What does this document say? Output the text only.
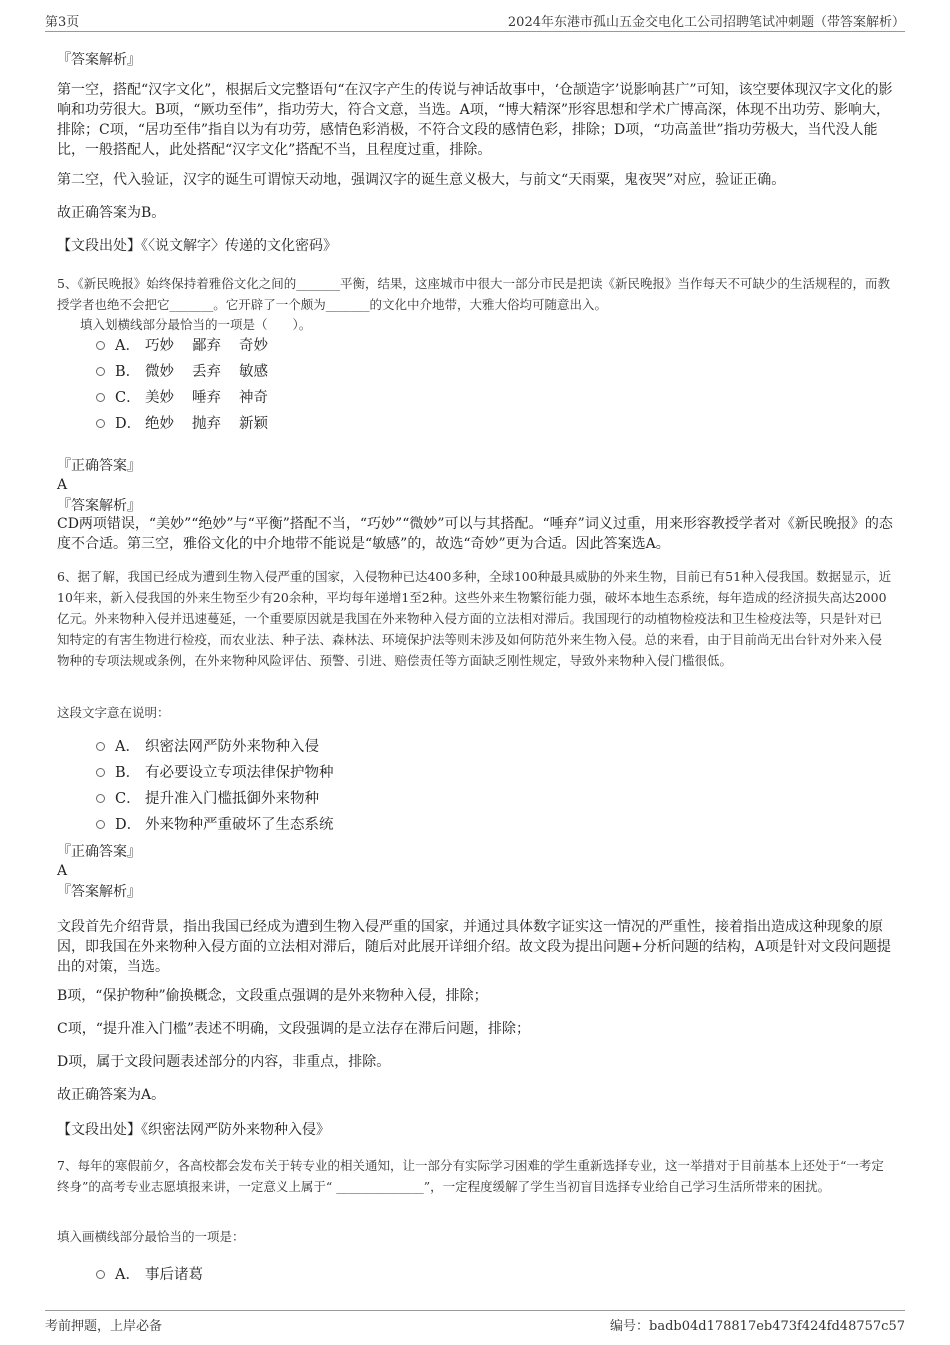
第3页	2024年东港市孤山五金交电化工公司招聘笔试冲刺题（带答案解析）
『答案解析』

第一空，搭配“汉字文化”，根据后文完整语句“在汉字产生的传说与神话故事中，‘仓颉造字’说影响甚广”可知，该空要体现汉字文化的影响和功劳很大。B项，“厥功至伟”，指功劳大，符合文意，当选。A项，“博大精深”形容思想和学术广博高深，体现不出功劳、影响大，排除；C项，“居功至伟”指自以为有功劳，感情色彩消极，不符合文段的感情色彩，排除；D项，“功高盖世”指功劳极大，当代没人能比，一般搭配人，此处搭配“汉字文化”搭配不当，且程度过重，排除。

第二空，代入验证，汉字的诞生可谓惊天动地，强调汉字的诞生意义极大，与前文“天雨粟，鬼夜哭”对应，验证正确。

故正确答案为B。

【文段出处】《〈说文解字〉传递的文化密码》

5、《新民晚报》始终保持着雅俗文化之间的_______平衡，结果，这座城市中很大一部分市民是把读《新民晚报》当作每天不可缺少的生活规程的，而教授学者也绝不会把它_______。它开辟了一个颇为_______的文化中介地带，大雅大俗均可随意出入。

填入划横线部分最恰当的一项是（　　）。

A． 巧妙 鄙弃 奇妙
B． 微妙 丢弃 敏感
C． 美妙 唾弃 神奇
D． 绝妙 抛弃 新颖
『正确答案』
A
『答案解析』

CD两项错误，“美妙”“绝妙”与“平衡”搭配不当，“巧妙”“微妙”可以与其搭配。“唾弃”词义过重，用来形容教授学者对《新民晚报》的态度不合适。第三空，雅俗文化的中介地带不能说是“敏感”的，故选“奇妙”更为合适。因此答案选A。

6、据了解，我国已经成为遭到生物入侵严重的国家，入侵物种已达400多种，全球100种最具威胁的外来生物，目前已有51种入侵我国。数据显示，近10年来，新入侵我国的外来生物至少有20余种，平均每年递增1至2种。这些外来生物繁衍能力强，破坏本地生态系统，每年造成的经济损失高达2000亿元。外来物种入侵并迅速蔓延，一个重要原因就是我国在外来物种入侵方面的立法相对滞后。我国现行的动植物检疫法和卫生检疫法等，只是针对已知特定的有害生物进行检疫，而农业法、种子法、森林法、环境保护法等则未涉及如何防范外来生物入侵。总的来看，由于目前尚无出台针对外来入侵物种的专项法规或条例，在外来物种风险评估、预警、引进、赔偿责任等方面缺乏刚性规定，导致外来物种入侵门槛很低。

这段文字意在说明：

A． 织密法网严防外来物种入侵
B． 有必要设立专项法律保护物种
C． 提升准入门槛抵御外来物种
D． 外来物种严重破坏了生态系统
『正确答案』
A
『答案解析』

文段首先介绍背景，指出我国已经成为遭到生物入侵严重的国家，并通过具体数字证实这一情况的严重性，接着指出造成这种现象的原因，即我国在外来物种入侵方面的立法相对滞后，随后对此展开详细介绍。故文段为提出问题+分析问题的结构，A项是针对文段问题提出的对策，当选。

B项，“保护物种”偷换概念，文段重点强调的是外来物种入侵，排除；

C项，“提升准入门槛”表述不明确，文段强调的是立法存在滞后问题，排除；

D项，属于文段问题表述部分的内容，非重点，排除。

故正确答案为A。

【文段出处】《织密法网严防外来物种入侵》

7、每年的寒假前夕，各高校都会发布关于转专业的相关通知，让一部分有实际学习困难的学生重新选择专业，这一举措对于目前基本上还处于“一考定终身”的高考专业志愿填报来讲，一定意义上属于“ ______________”，一定程度缓解了学生当初盲目选择专业给自己学习生活所带来的困扰。

填入画横线部分最恰当的一项是：

A． 事后诸葛
考前押题，上岸必备	编号：badb04d178817eb473f424fd48757c57
